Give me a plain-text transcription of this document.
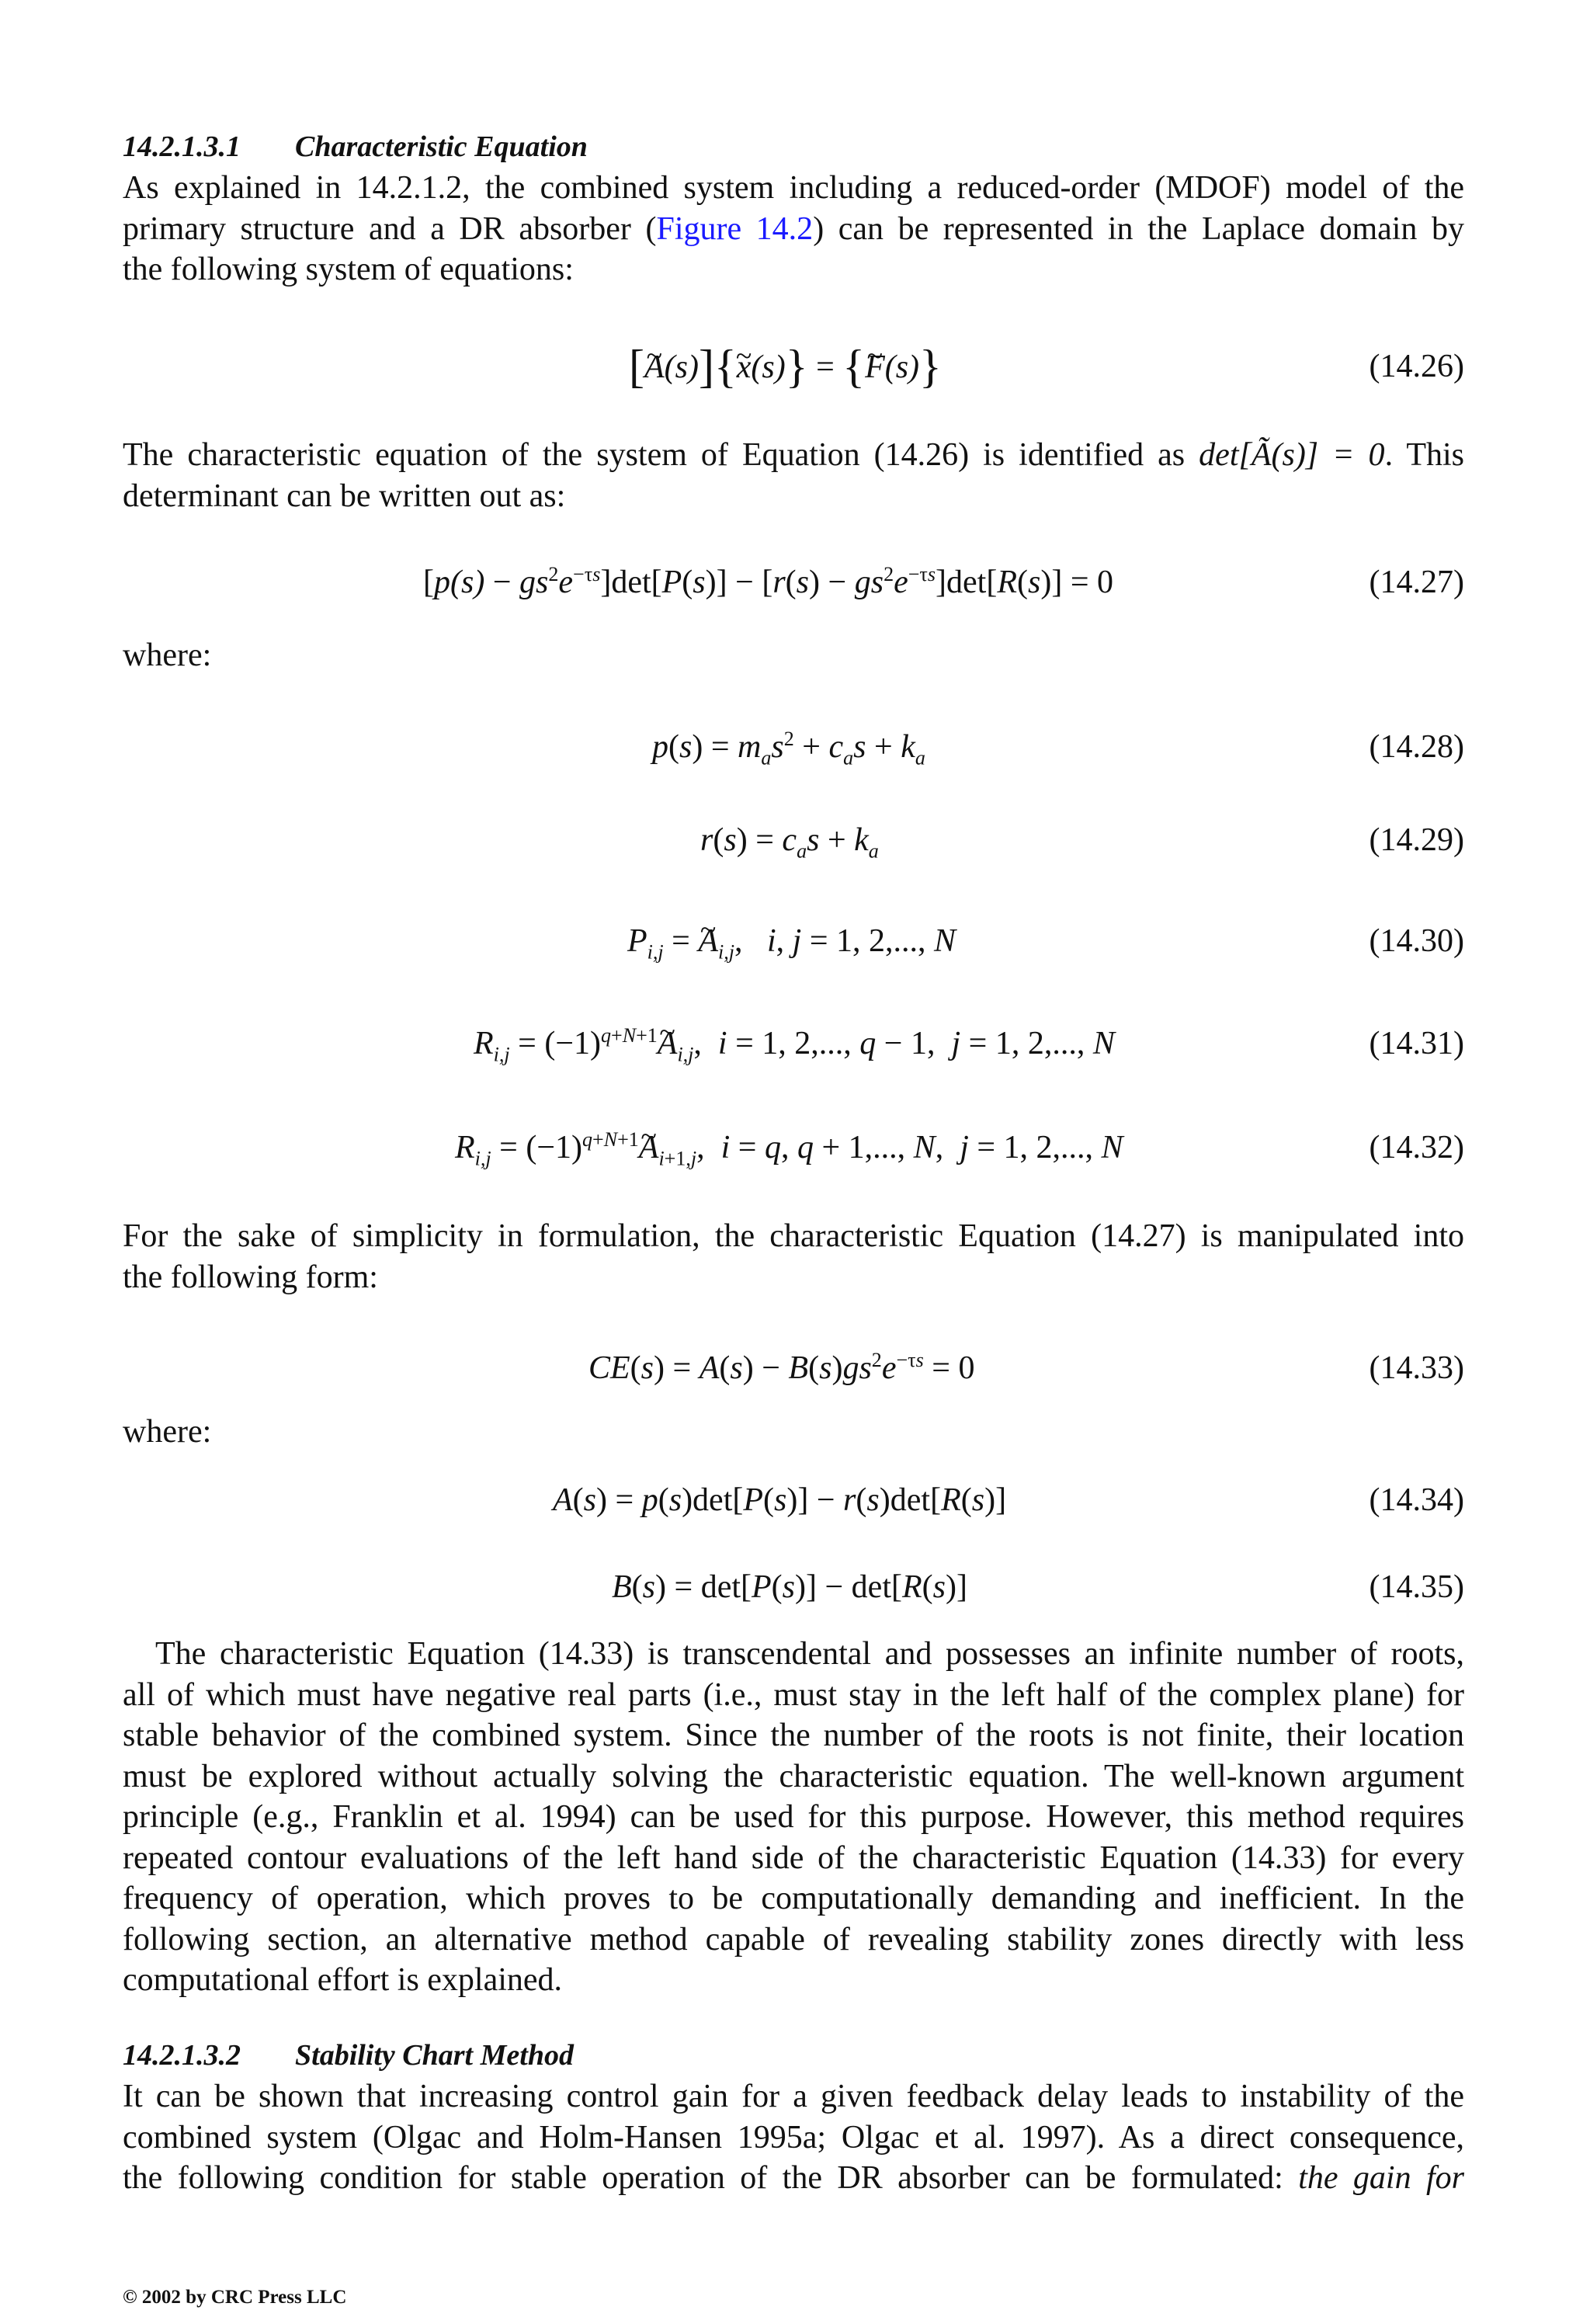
14.2.1.3.1 Characteristic Equation
As explained in 14.2.1.2, the combined system including a reduced-order (MDOF) model of the
primary structure and a DR absorber (Figure 14.2) can be represented in the Laplace domain by
the following system of equations:
[~ A(s)]{~ x(s)} = {~ F(s)}	(14.26)
The characteristic equation of the system of Equation (14.26) is identified as det[Ã(s)] = 0. This
determinant can be written out as:
$[p(s) - gs^2e^{-\tau s}]\det[P(s)] - [r(s) - gs^2e^{-\tau s}]\det[R(s)] = 0$	(14.27)
where:
$p(s) = m_as^2 + c_as + k_a$	(14.28)
$r(s) = c_as + k_a$	(14.29)
$P_{i,j}$ = ~ $A_{i,j}$,   i, j = 1, 2,..., N	(14.30)
$R_{i,j}$ = $(-1)^{q+N+1}\sim$ $A_{i,j}$,  i = 1, 2,..., q − 1,  j = 1, 2,..., N	(14.31)
$R_{i,j}$ = $(-1)^{q+N+1}\sim$ $A_{i+1,j}$,  i = q, q + 1,..., N,  j = 1, 2,..., N	(14.32)
For the sake of simplicity in formulation, the characteristic Equation (14.27) is manipulated into
the following form:
$CE(s) = A(s) - B(s)gs^2e^{-\tau s} = 0$	(14.33)
where:
A(s) = p(s)det[P(s)] − r(s)det[R(s)]	(14.34)
B(s) = det[P(s)] − det[R(s)]	(14.35)
The characteristic Equation (14.33) is transcendental and possesses an infinite number of roots,
all of which must have negative real parts (i.e., must stay in the left half of the complex plane) for
stable behavior of the combined system. Since the number of the roots is not finite, their location
must be explored without actually solving the characteristic equation. The well-known argument
principle (e.g., Franklin et al. 1994) can be used for this purpose. However, this method requires
repeated contour evaluations of the left hand side of the characteristic Equation (14.33) for every
frequency of operation, which proves to be computationally demanding and inefficient. In the
following section, an alternative method capable of revealing stability zones directly with less
computational effort is explained.
14.2.1.3.2 Stability Chart Method
It can be shown that increasing control gain for a given feedback delay leads to instability of the
combined system (Olgac and Holm-Hansen 1995a; Olgac et al. 1997). As a direct consequence,
the following condition for stable operation of the DR absorber can be formulated: the gain for
© 2002 by CRC Press LLC
